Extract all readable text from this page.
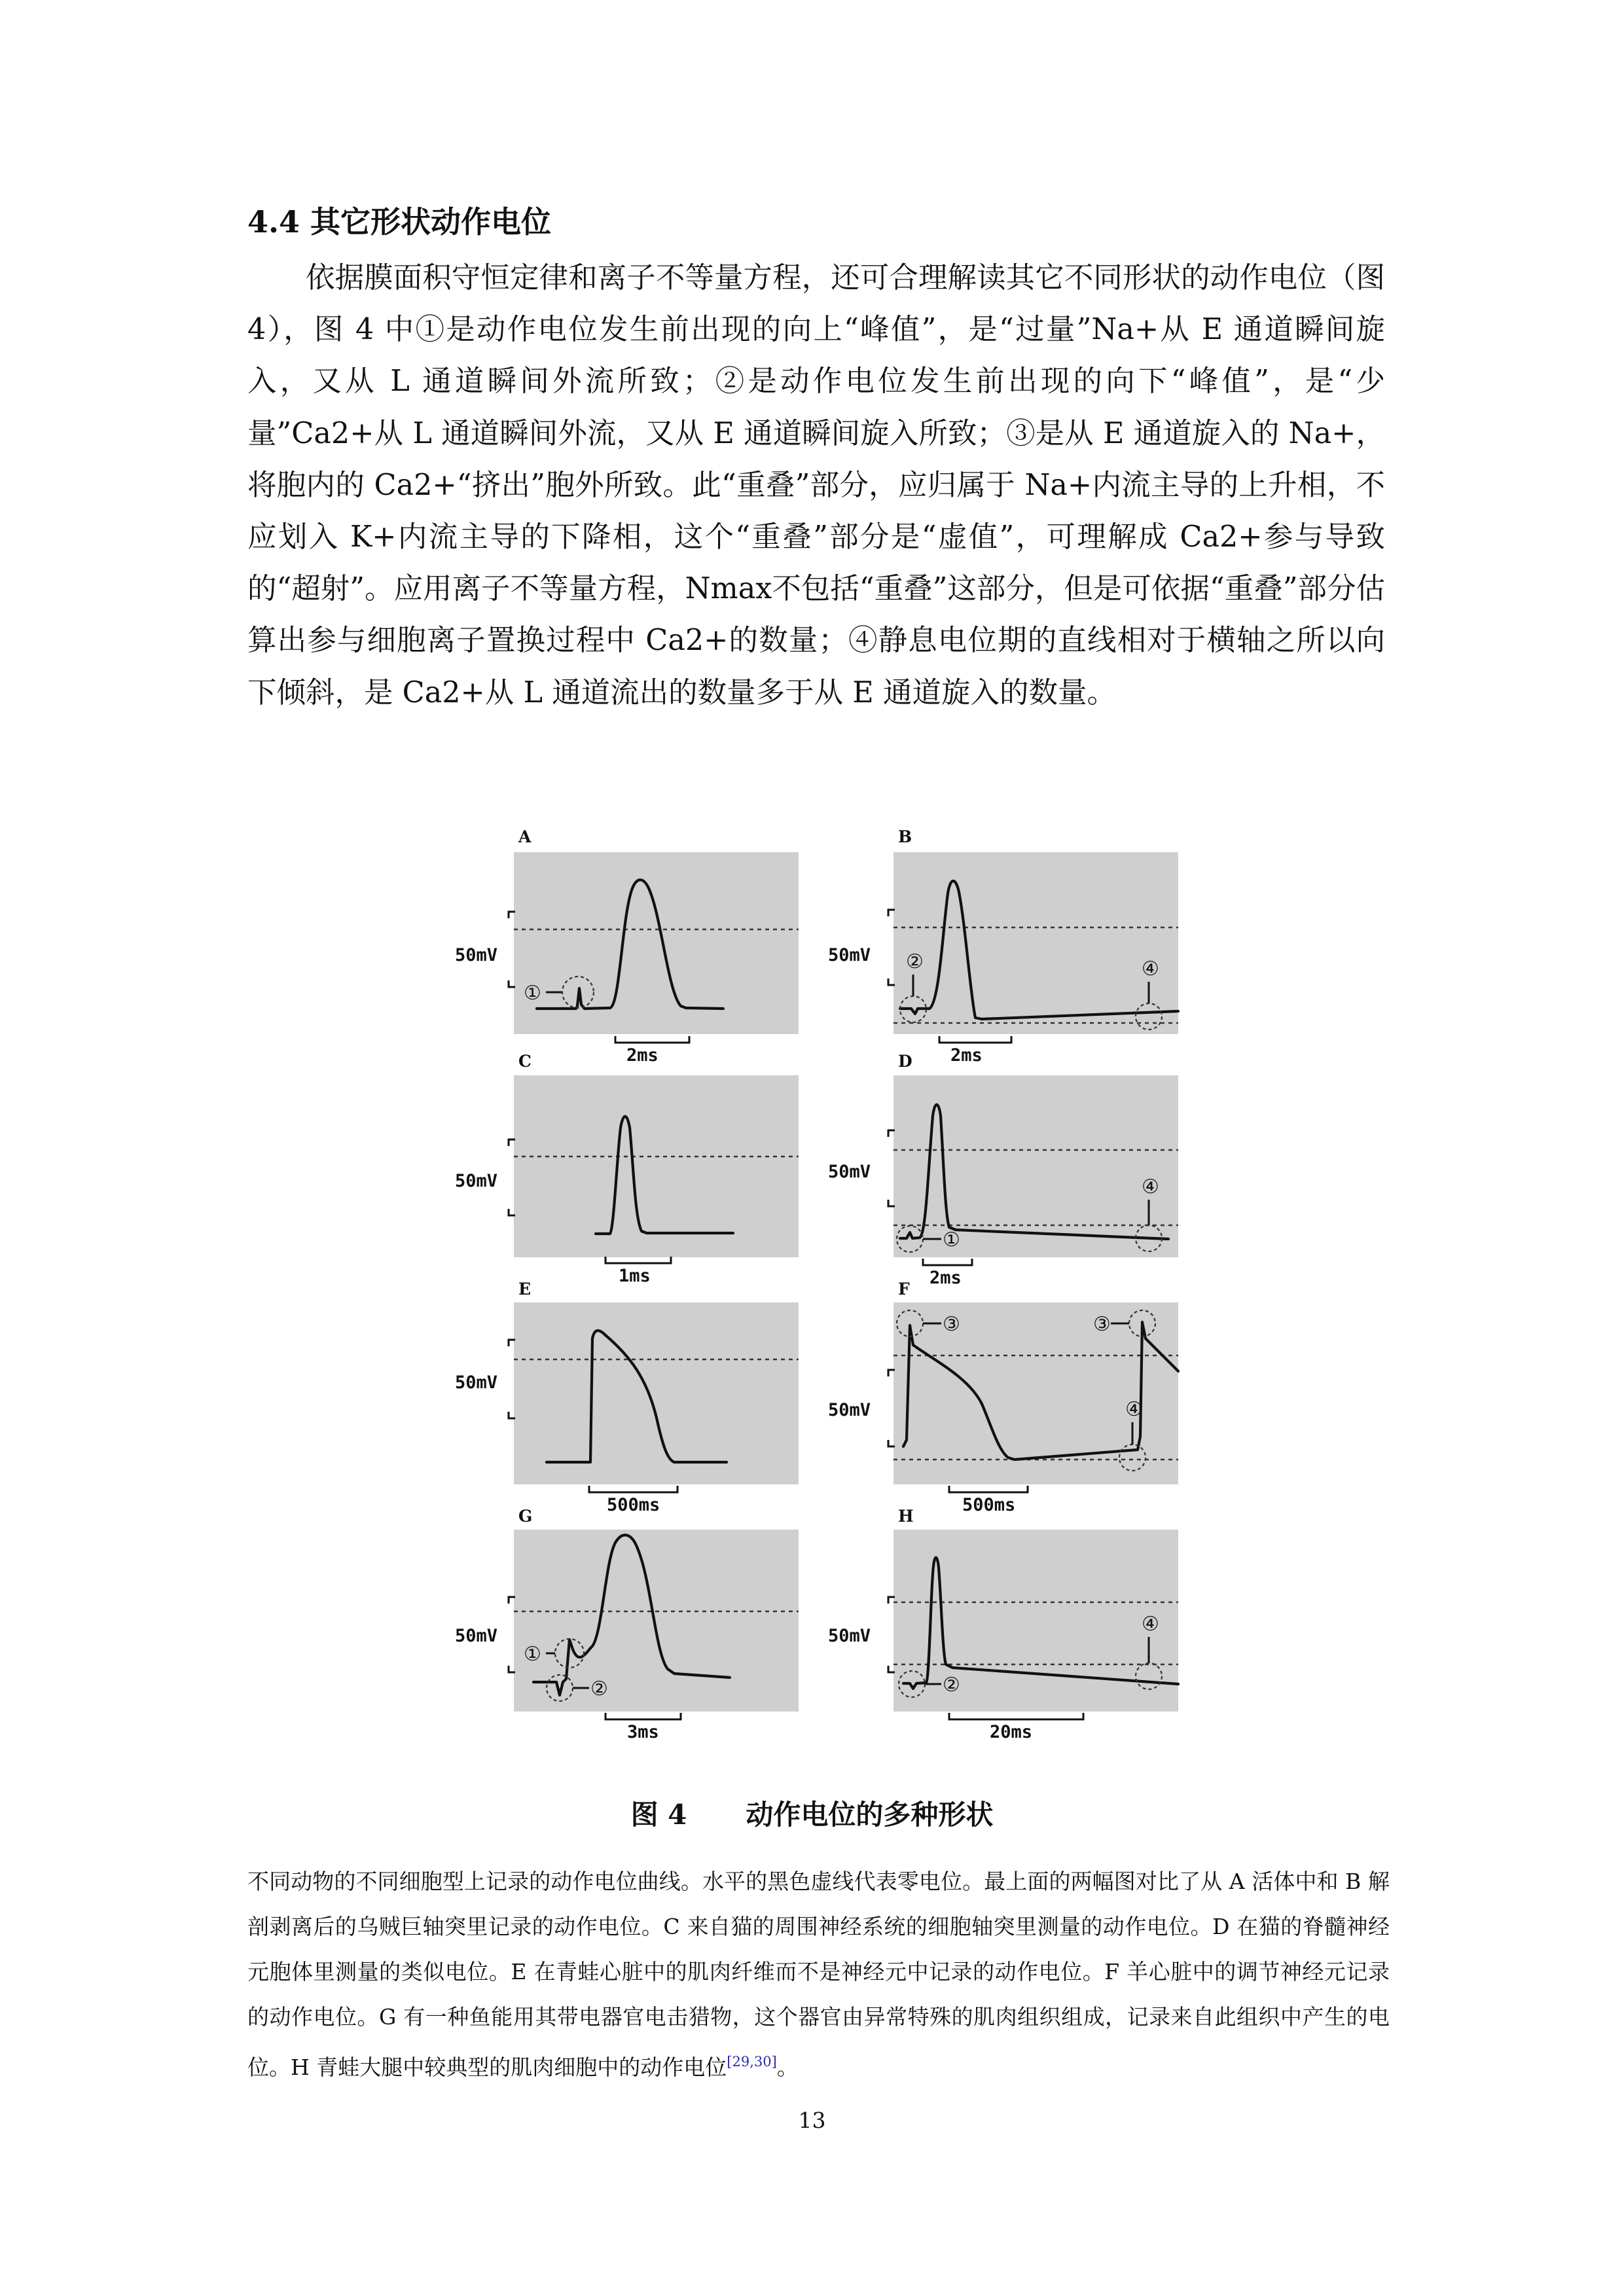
4.4 其它形状动作电位

依据膜面积守恒定律和离子不等量方程，还可合理解读其它不同形状的动作电位（图 4），图 4 中①是动作电位发生前出现的向上“峰值”，是“过量”Na+从 E 通道瞬间旋入，又从 L 通道瞬间外流所致；②是动作电位发生前出现的向下“峰值”，是“少量”Ca2+从 L 通道瞬间外流，又从 E 通道瞬间旋入所致；③是从 E 通道旋入的 Na+，将胞内的 Ca2+“挤出”胞外所致。此“重叠”部分，应归属于 Na+内流主导的上升相，不应划入 K+内流主导的下降相，这个“重叠”部分是“虚值”，可理解成 Ca2+参与导致的“超射”。应用离子不等量方程，Nmax不包括“重叠”这部分，但是可依据“重叠”部分估算出参与细胞离子置换过程中 Ca2+的数量；④静息电位期的直线相对于横轴之所以向下倾斜，是 Ca2+从 L 通道流出的数量多于从 E 通道旋入的数量。

A
①
50mV
2ms
B
②	④
50mV
2ms
C
50mV
1ms
D
①
④
50mV
2ms
E
50mV
500ms
F
③	③
④
50mV
500ms
G
①
②
50mV
3ms
H
②
④
50mV
20ms

图 4 动作电位的多种形状

不同动物的不同细胞型上记录的动作电位曲线。水平的黑色虚线代表零电位。最上面的两幅图对比了从 A 活体中和 B 解剖剥离后的乌贼巨轴突里记录的动作电位。C 来自猫的周围神经系统的细胞轴突里测量的动作电位。D 在猫的脊髓神经元胞体里测量的类似电位。E 在青蛙心脏中的肌肉纤维而不是神经元中记录的动作电位。F 羊心脏中的调节神经元记录的动作电位。G 有一种鱼能用其带电器官电击猎物，这个器官由异常特殊的肌肉组织组成，记录来自此组织中产生的电位。H 青蛙大腿中较典型的肌肉细胞中的动作电位[29,30]。

13
